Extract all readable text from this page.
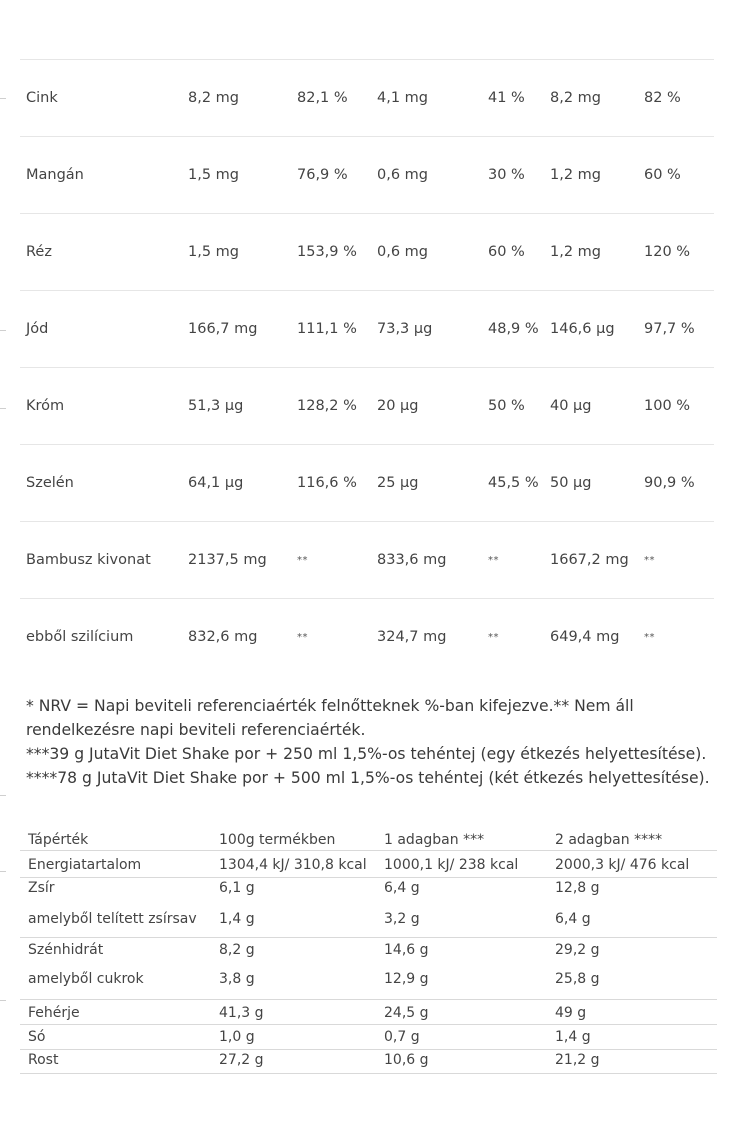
Cink	8,2 mg	82,1 % 4,1 mg	41 % 8,2 mg	82 %
Mangán	1,5 mg	76,9 % 0,6 mg	30 % 1,2 mg	60 %
Réz	1,5 mg	153,9 % 0,6 mg	60 % 1,2 mg	120 %
Jód	166,7 mg	111,1 % 73,3 µg	48,9 % 146,6 µg 97,7 %
Króm	51,3 µg	128,2 % 20 µg	50 % 40 µg	100 %
Szelén	64,1 µg	116,6 % 25 µg	45,5 % 50 µg	90,9 %
Bambusz kivonat	2137,5 mg	**	833,6 mg	**	1667,2 mg **
ebből szilícium	832,6 mg	**	324,7 mg	**	649,4 mg **

* NRV = Napi beviteli referenciaérték felnőtteknek %-ban kifejezve.** Nem áll rendelkezésre napi beviteli referenciaérték.

***39 g JutaVit Diet Shake por + 250 ml 1,5%-os tehéntej (egy étkezés helyettesítése).

****78 g JutaVit Diet Shake por + 500 ml 1,5%-os tehéntej (két étkezés helyettesítése).

Tápérték	100g termékben	1 adagban ***	2 adagban ****
Energiatartalom	1304,4 kJ/ 310,8 kcal 1000,1 kJ/ 238 kcal	2000,3 kJ/ 476 kcal
Zsír	6,1 g	6,4 g	12,8 g
amelyből telített zsírsav 1,4 g	3,2 g	6,4 g
Szénhidrát	8,2 g	14,6 g	29,2 g
amelyből cukrok	3,8 g	12,9 g	25,8 g
Fehérje	41,3 g	24,5 g	49 g
Só	1,0 g	0,7 g	1,4 g
Rost	27,2 g	10,6 g	21,2 g
